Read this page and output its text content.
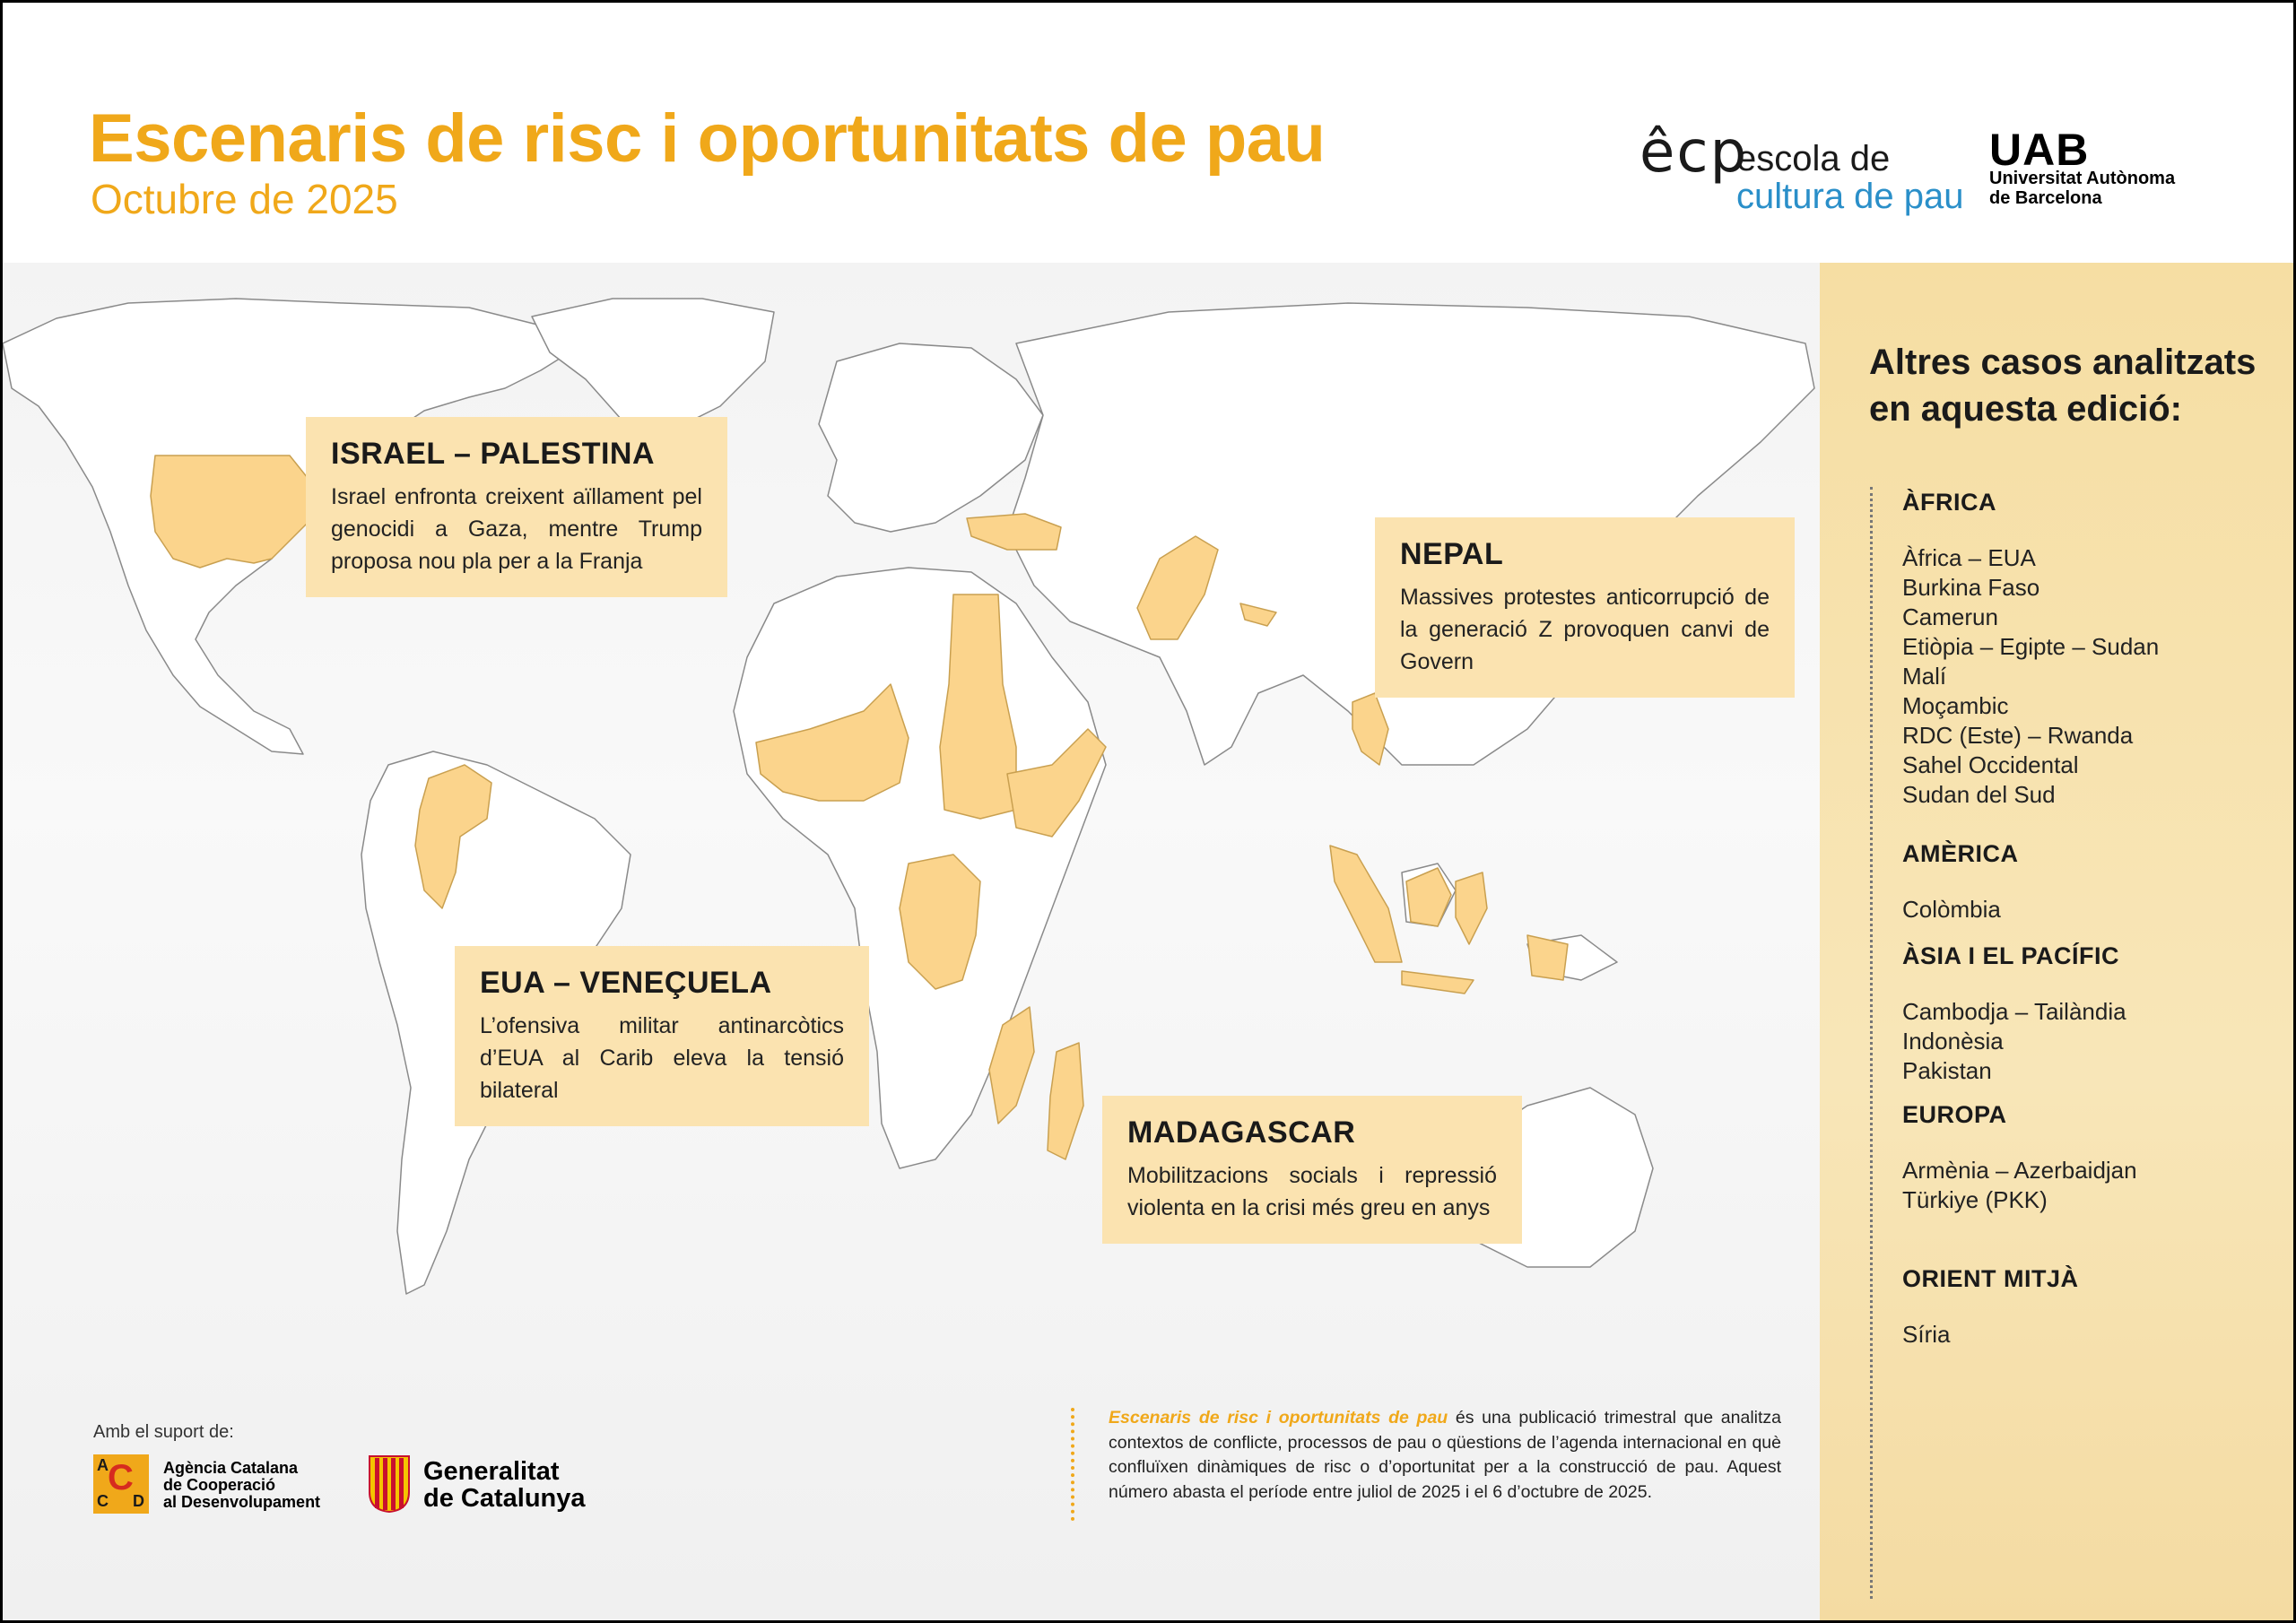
Escenaris de risc i oportunitats de pau
Octubre de 2025
êcp
escola de
cultura de pau
UAB
Universitat Autònoma
de Barcelona
ISRAEL – PALESTINA

Israel enfronta creixent aïllament pel genocidi a Gaza, mentre Trump proposa nou pla per a la Franja	NEPAL

Massives protestes anticorrupció de la generació Z provoquen canvi de Govern

EUA – VENEÇUELA

L’ofensiva militar antinarcòtics d’EUA al Carib eleva la tensió bilateral

MADAGASCAR

Mobilitzacions socials i repressió violenta en la crisi més greu en anys

Amb el suport de:
A C
C D
Agència Catalana
de Cooperació
al Desenvolupament
Generalitat
de Catalunya

Escenaris de risc i oportunitats de pau és una publicació trimestral que analitza contextos de conflicte, processos de pau o qüestions de l’agenda internacional en què confluïxen dinàmiques de risc o d’oportunitat per a la construcció de pau. Aquest número abasta el període entre juliol de 2025 i el 6 d’octubre de 2025.

Altres casos analitzats en aquesta edició:
ÀFRICA
Àfrica – EUA
Burkina Faso
Camerun
Etiòpia – Egipte – Sudan
Malí
Moçambic
RDC (Este) – Rwanda
Sahel Occidental
Sudan del Sud
AMÈRICA
Colòmbia
ÀSIA I EL PACÍFIC
Cambodja – Tailàndia
Indonèsia
Pakistan
EUROPA
Armènia – Azerbaidjan
Türkiye (PKK)
ORIENT MITJÀ
Síria
